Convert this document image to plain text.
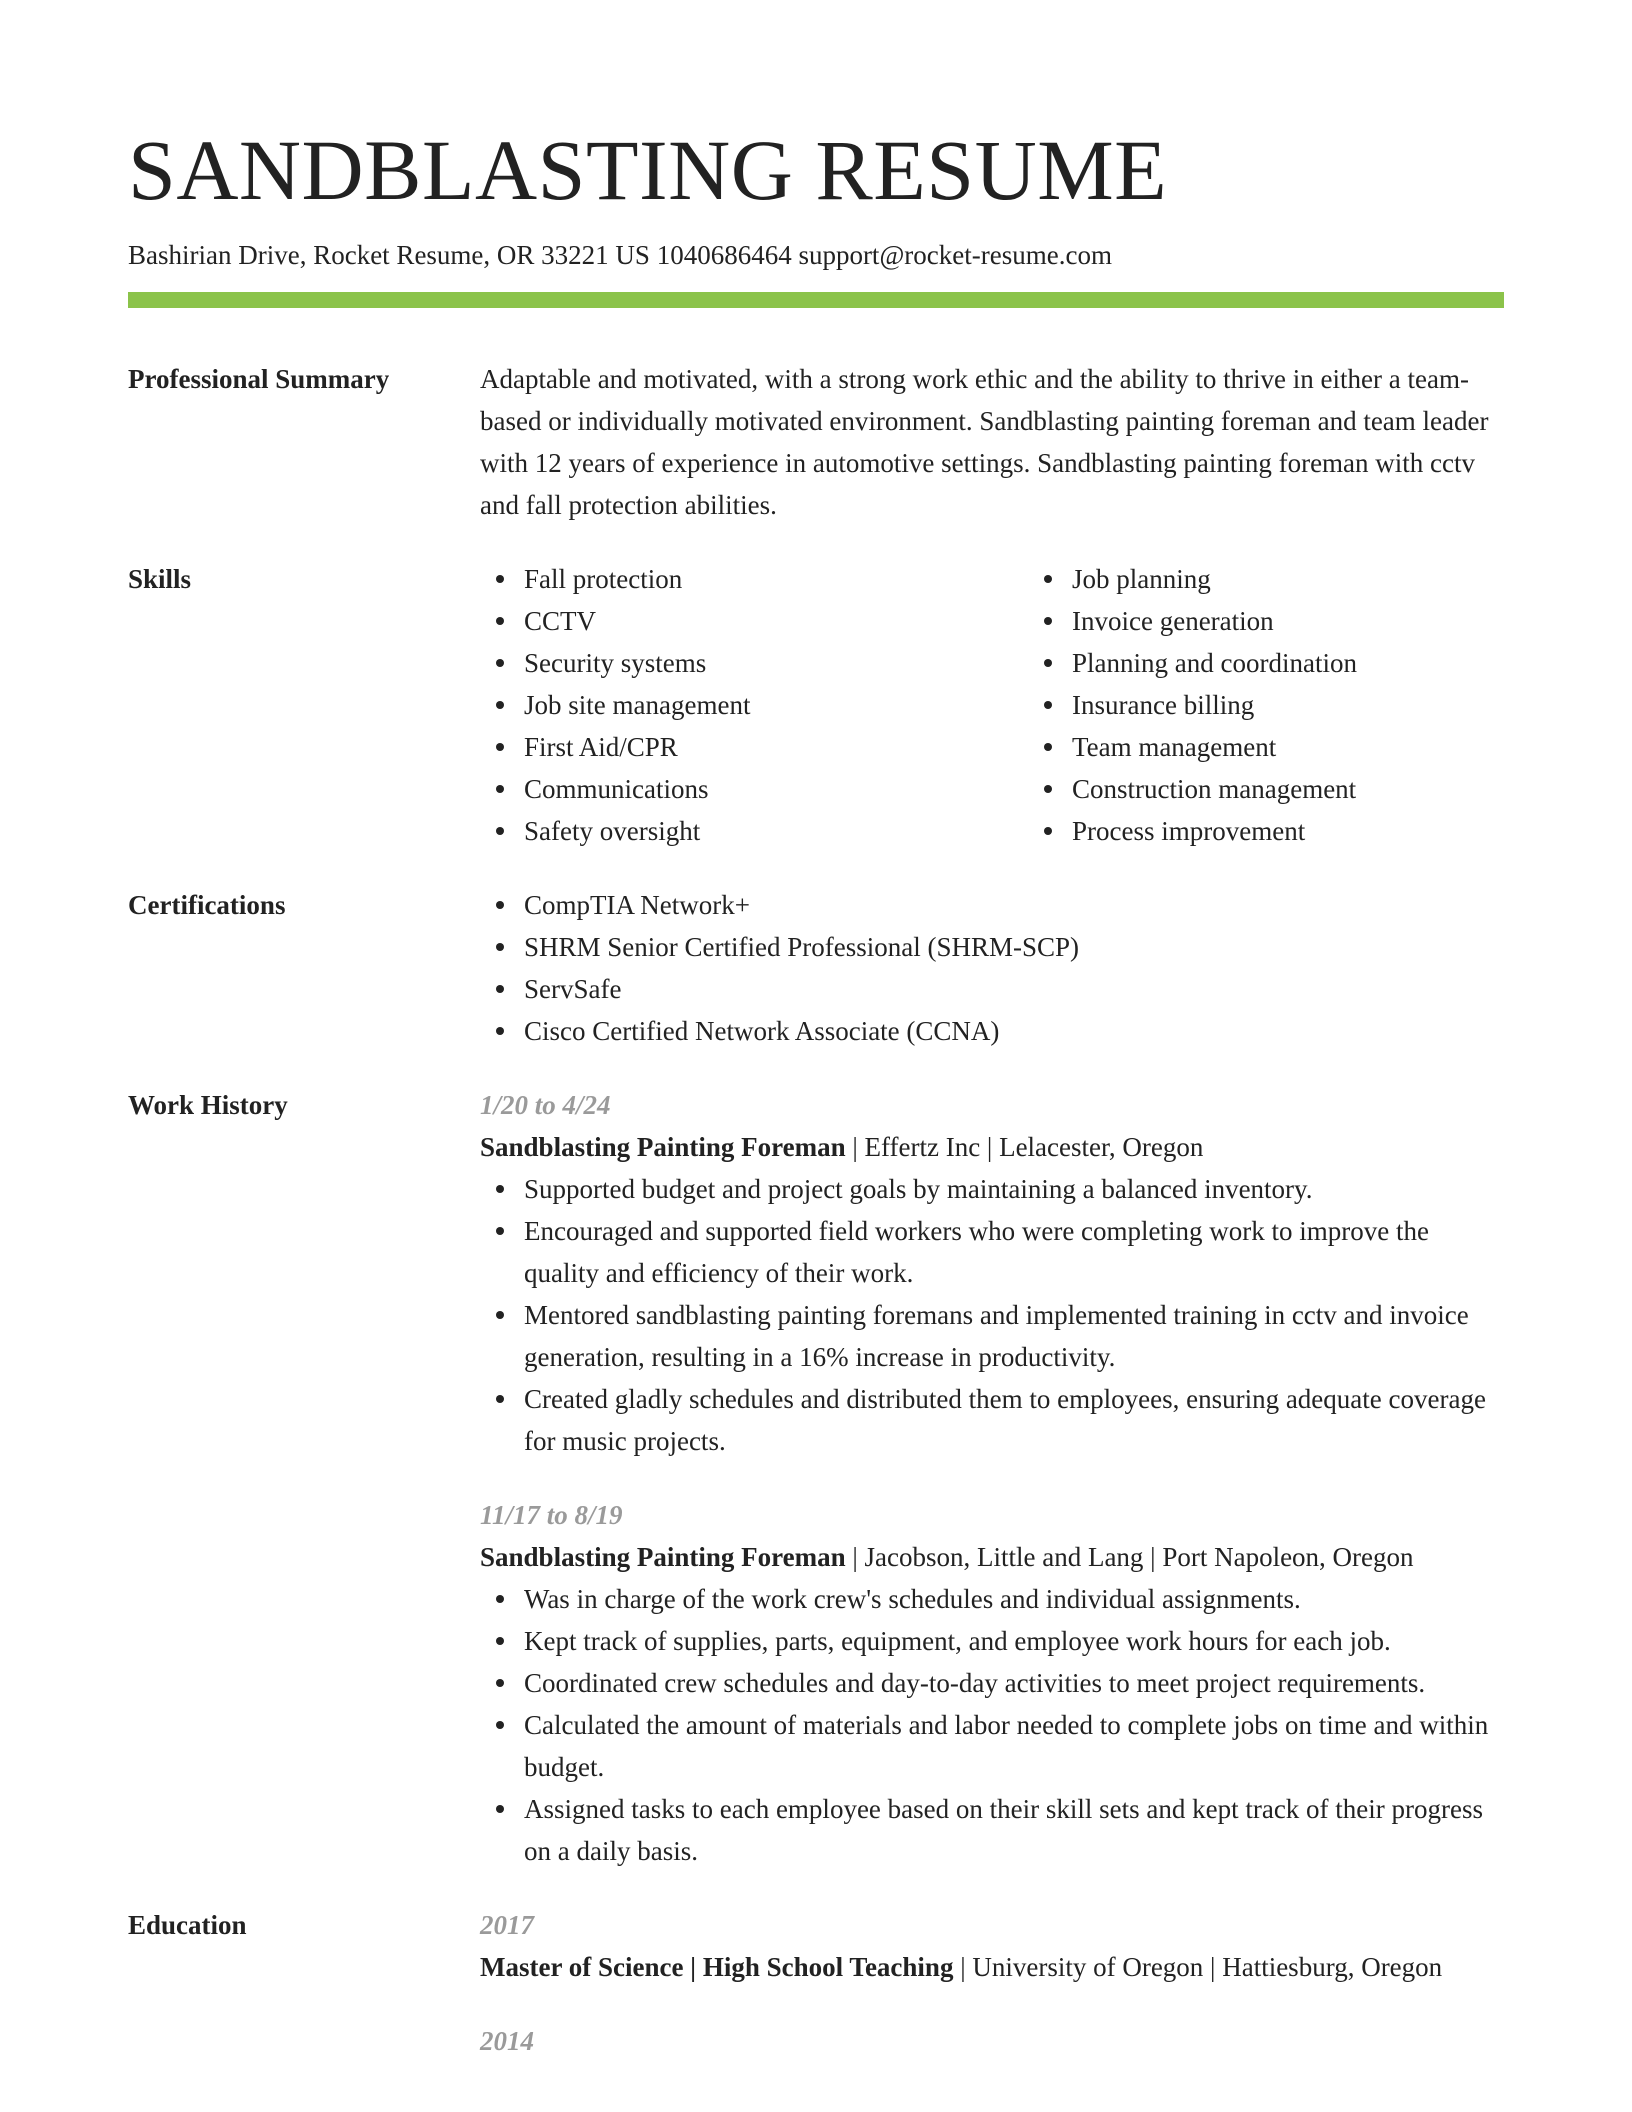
SANDBLASTING RESUME
Bashirian Drive, Rocket Resume, OR 33221 US 1040686464 support@rocket-resume.com
Professional Summary	Adaptable and motivated, with a strong work ethic and the ability to thrive in either a team-based or individually motivated environment. Sandblasting painting foreman and team leader with 12 years of experience in automotive settings. Sandblasting painting foreman with cctv and fall protection abilities.
Skills	Fall protection
CCTV
Security systems
Job site management
First Aid/CPR
Communications
Safety oversight
Job planning
Invoice generation
Planning and coordination
Insurance billing
Team management
Construction management
Process improvement
Certifications	CompTIA Network+
SHRM Senior Certified Professional (SHRM-SCP)
ServSafe
Cisco Certified Network Associate (CCNA)
Work History	1/20 to 4/24
Sandblasting Painting Foreman | Effertz Inc | Lelacester, Oregon
Supported budget and project goals by maintaining a balanced inventory.
Encouraged and supported field workers who were completing work to improve the quality and efficiency of their work.
Mentored sandblasting painting foremans and implemented training in cctv and invoice generation, resulting in a 16% increase in productivity.
Created gladly schedules and distributed them to employees, ensuring adequate coverage for music projects.
11/17 to 8/19
Sandblasting Painting Foreman | Jacobson, Little and Lang | Port Napoleon, Oregon
Was in charge of the work crew's schedules and individual assignments.
Kept track of supplies, parts, equipment, and employee work hours for each job.
Coordinated crew schedules and day-to-day activities to meet project requirements.
Calculated the amount of materials and labor needed to complete jobs on time and within budget.
Assigned tasks to each employee based on their skill sets and kept track of their progress on a daily basis.
Education	2017
Master of Science | High School Teaching | University of Oregon | Hattiesburg, Oregon
2014
